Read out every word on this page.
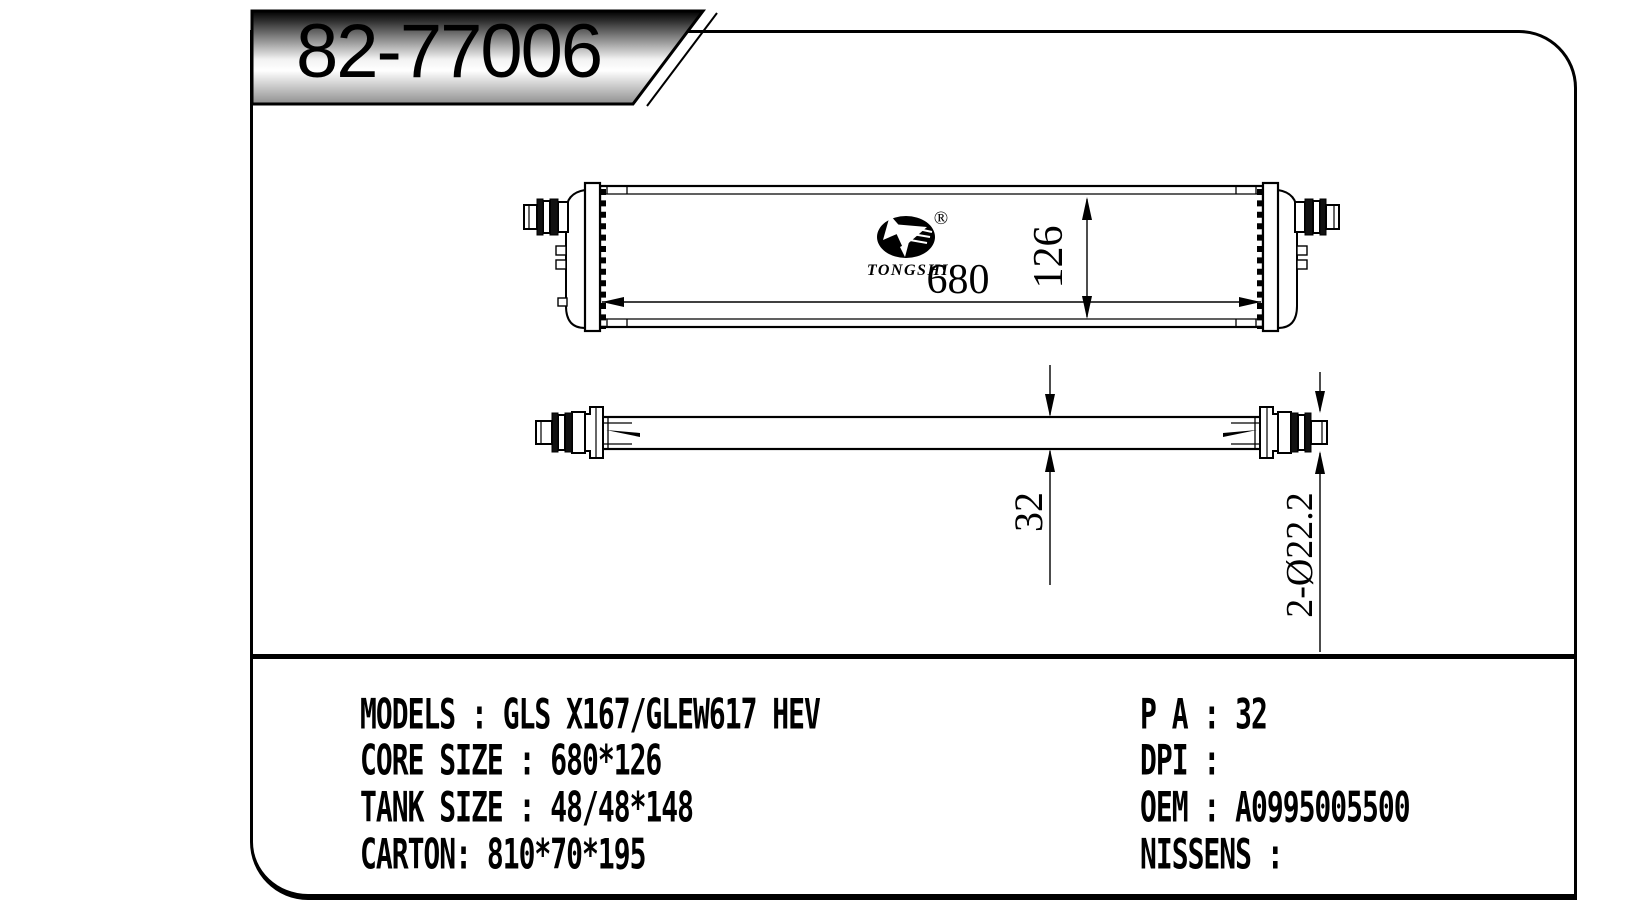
680 126
32	2-Ø22.2
®
TONGSHI
82-77006
MODELS : GLS X167/GLEW617 HEV
CORE SIZE : 680*126
TANK SIZE : 48/48*148
CARTON: 810*70*195
P A : 32
DPI :
OEM : A0995005500
NISSENS :
